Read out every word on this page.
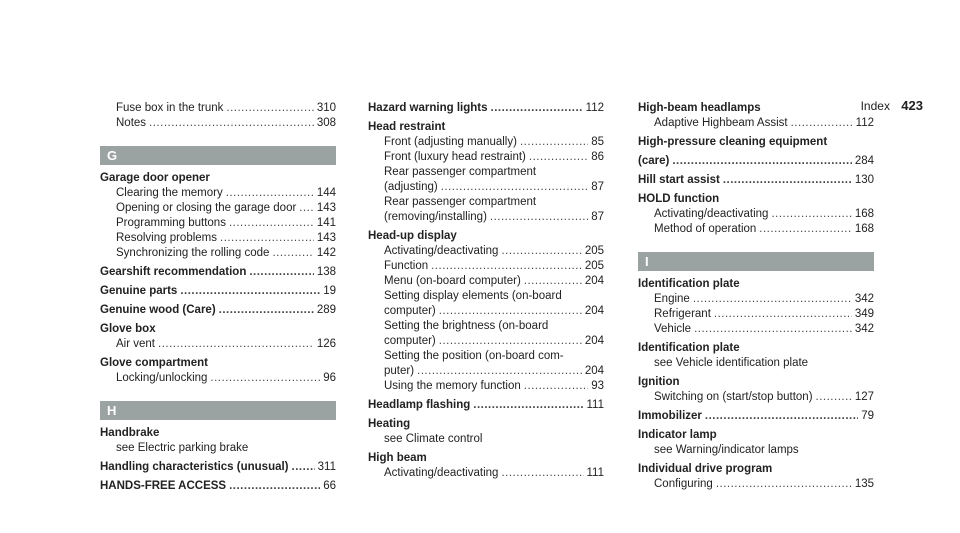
Index 423
Fuse box in the trunk .....	310
Notes .....	308
G
Garage door opener
Clearing the memory .....	144
Opening or closing the garage door ..... 143
Programming buttons .....	141
Resolving problems .....	143
Synchronizing the rolling code .....	142
Gearshift recommendation .....	138
Genuine parts .....	19
Genuine wood (Care) .....	289
Glove box
Air vent .....	126
Glove compartment
Locking/unlocking .....	96
H
Handbrake
see Electric parking brake
Handling characteristics (unusual) .....	311
HANDS-FREE ACCESS .....	66
Hazard warning lights .....	112
Head restraint
Front (adjusting manually) .....	85
Front (luxury head restraint) .....	86
Rear passenger compartment
(adjusting) .....	87
Rear passenger compartment
(removing/installing) .....	87
Head-up display
Activating/deactivating .....	205
Function .....	205
Menu (on-board computer) .....	204
Setting display elements (on-board
computer) .....	204
Setting the brightness (on-board
computer) .....	204
Setting the position (on-board com-
puter) .....	204
Using the memory function .....	93
Headlamp flashing .....	111
Heating
see Climate control
High beam
Activating/deactivating .....	111
High-beam headlamps
Adaptive Highbeam Assist .....	112
High-pressure cleaning equipment
(care) .....	284
Hill start assist .....	130
HOLD function
Activating/deactivating .....	168
Method of operation .....	168
I
Identification plate
Engine .....	342
Refrigerant .....	349
Vehicle .....	342
Identification plate
see Vehicle identification plate
Ignition
Switching on (start/stop button) .....	127
Immobilizer .....	79
Indicator lamp
see Warning/indicator lamps
Individual drive program
Configuring .....	135
